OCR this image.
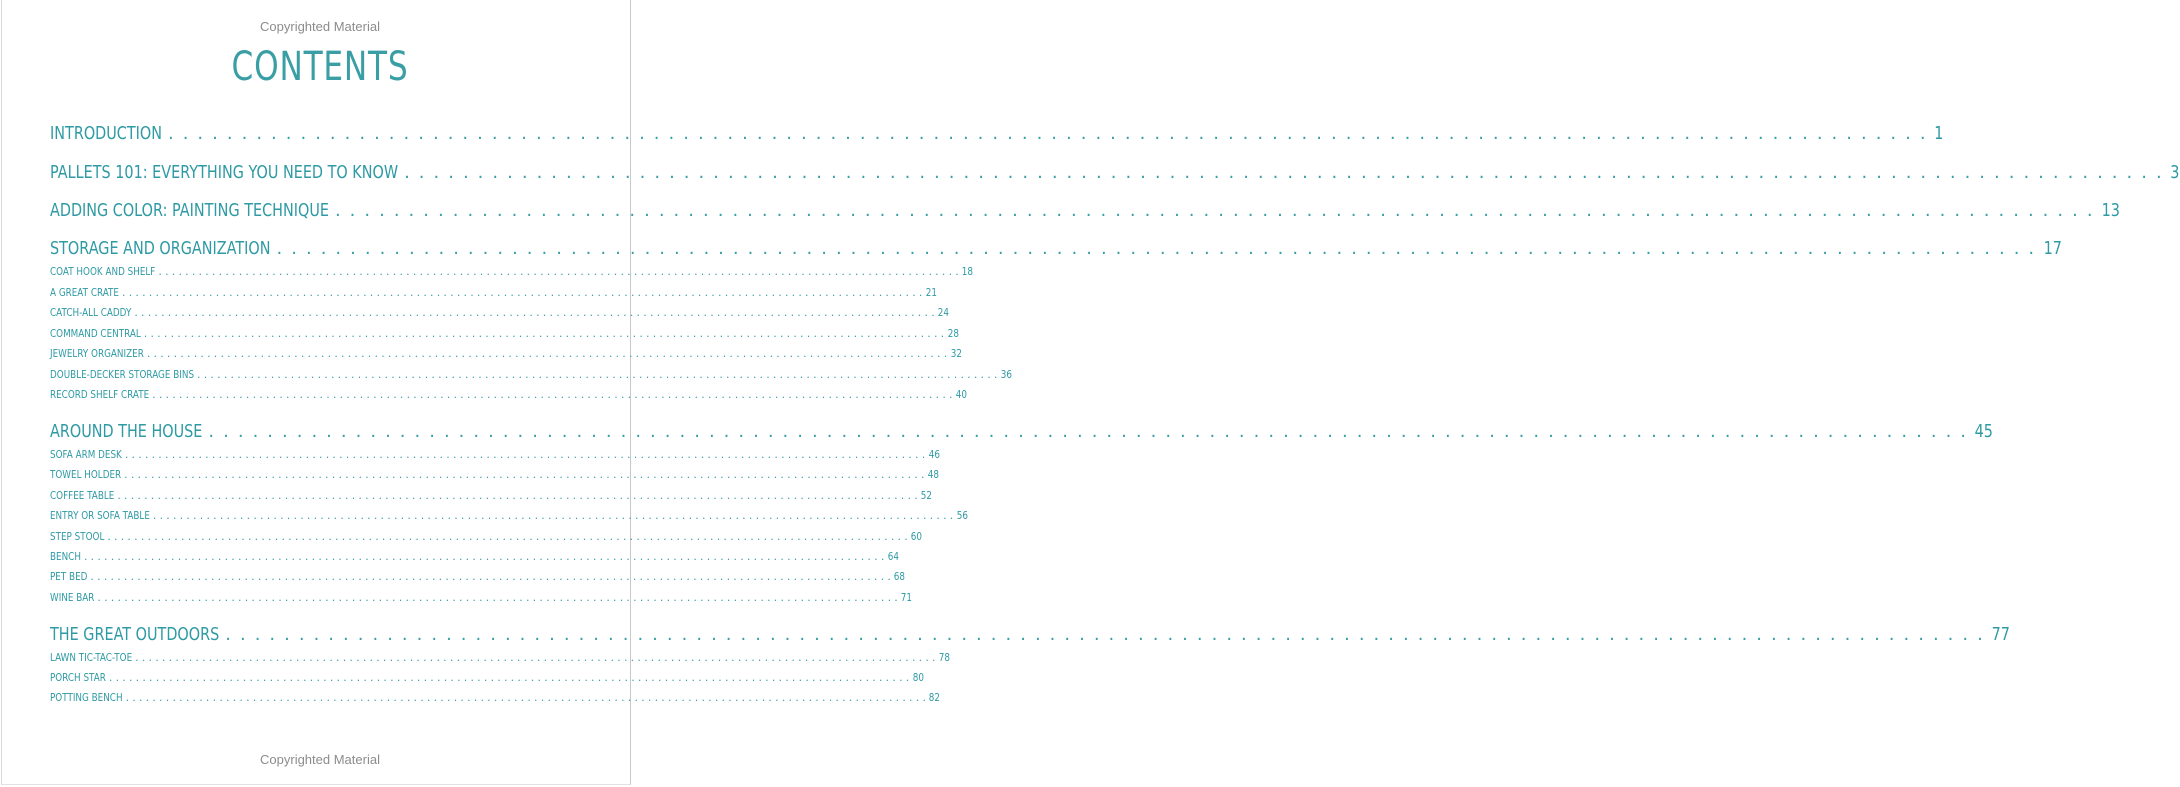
Copyrighted Material
CONTENTS
INTRODUCTION ........................................................................................................................ 1
PALLETS 101: EVERYTHING YOU NEED TO KNOW ........................................................................................................................ 3
ADDING COLOR: PAINTING TECHNIQUE ........................................................................................................................ 13
STORAGE AND ORGANIZATION ........................................................................................................................ 17
COAT HOOK AND SHELF ........................................................................................................................ 18
A GREAT CRATE ........................................................................................................................ 21
CATCH-ALL CADDY ........................................................................................................................ 24
COMMAND CENTRAL ........................................................................................................................ 28
JEWELRY ORGANIZER ........................................................................................................................ 32
DOUBLE-DECKER STORAGE BINS ........................................................................................................................ 36
RECORD SHELF CRATE ........................................................................................................................ 40
AROUND THE HOUSE ........................................................................................................................ 45
SOFA ARM DESK ........................................................................................................................ 46
TOWEL HOLDER ........................................................................................................................ 48
COFFEE TABLE ........................................................................................................................ 52
ENTRY OR SOFA TABLE ........................................................................................................................ 56
STEP STOOL ........................................................................................................................ 60
BENCH ........................................................................................................................ 64
PET BED ........................................................................................................................ 68
WINE BAR ........................................................................................................................ 71
THE GREAT OUTDOORS ........................................................................................................................ 77
LAWN TIC-TAC-TOE ........................................................................................................................ 78
PORCH STAR ........................................................................................................................ 80
POTTING BENCH ........................................................................................................................ 82
Copyrighted Material
